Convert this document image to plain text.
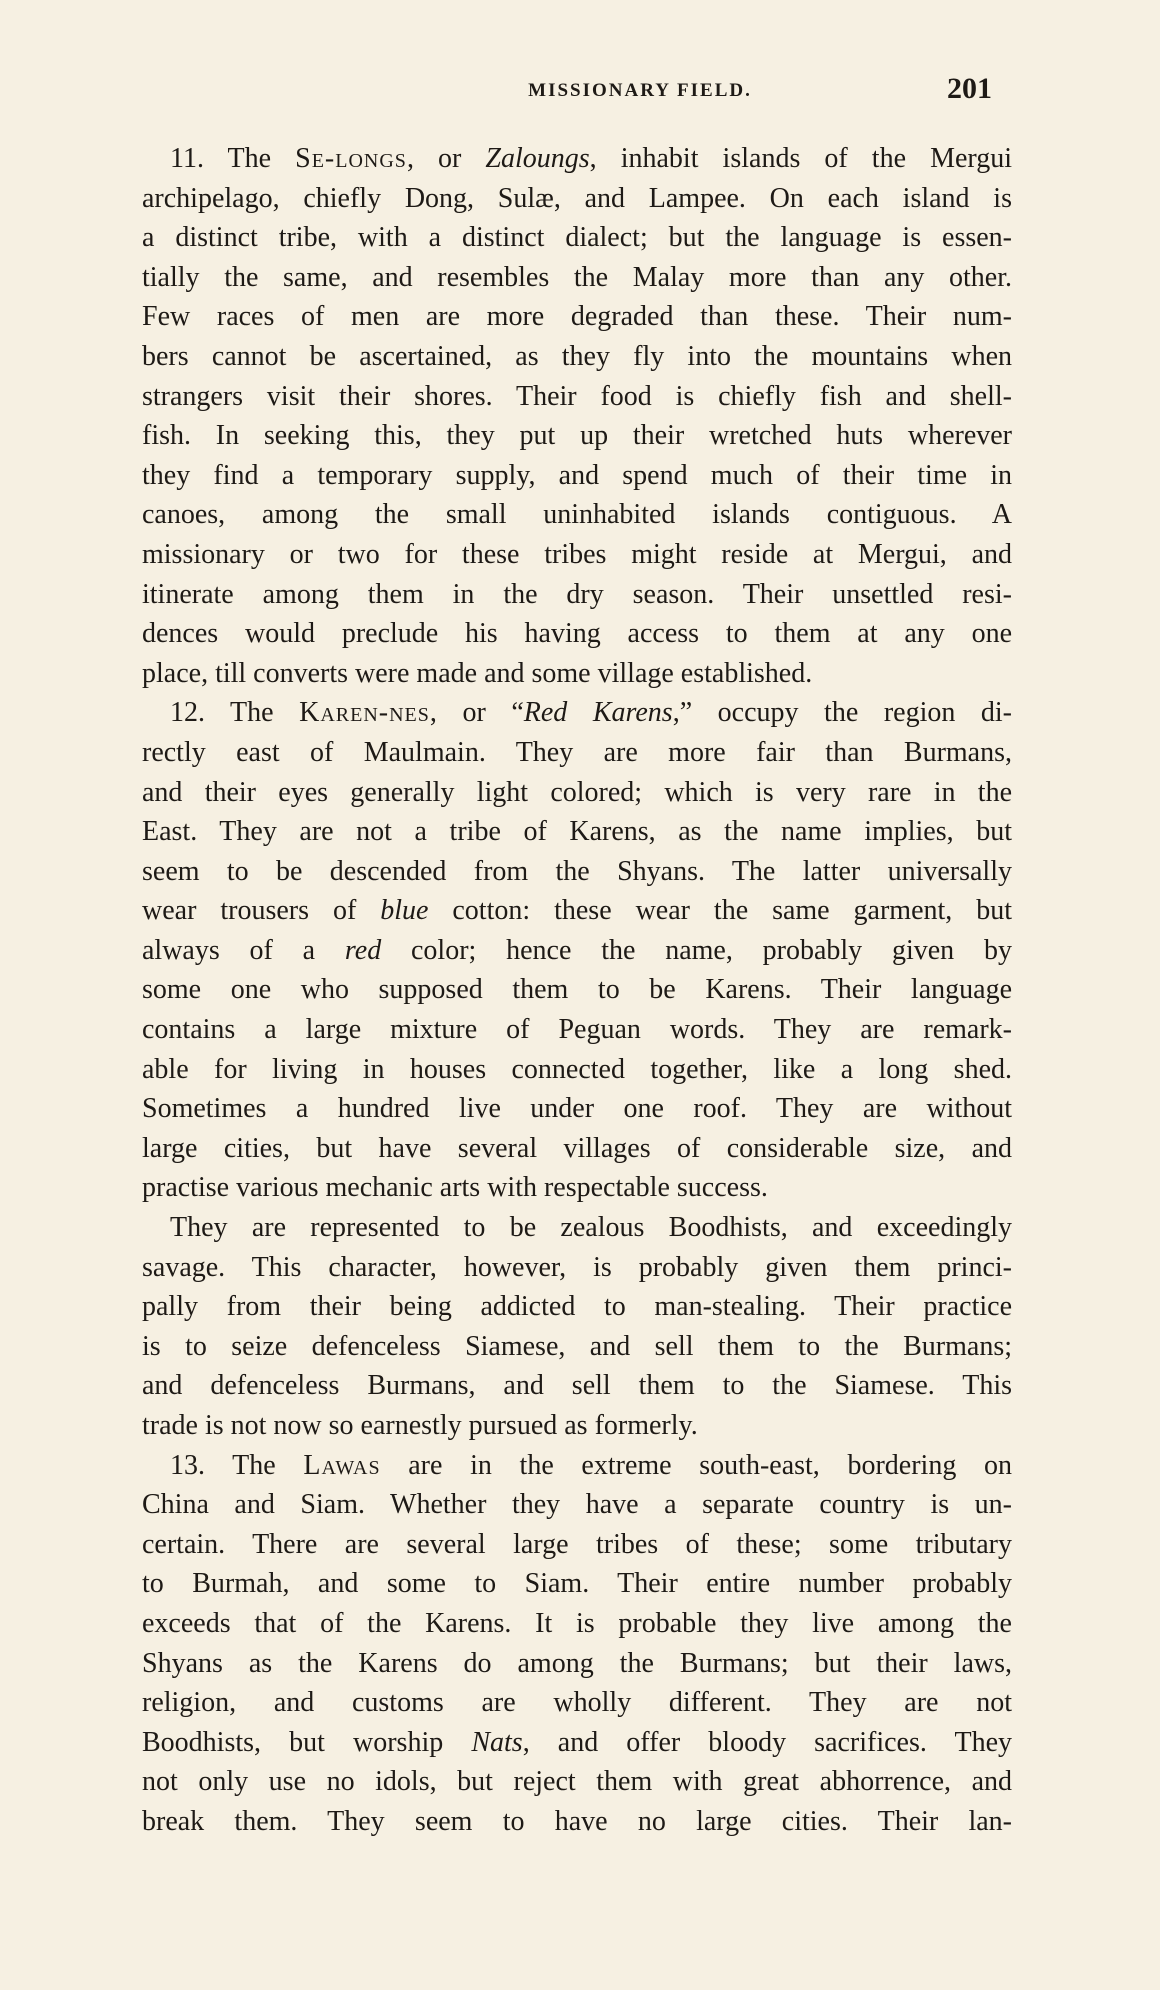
MISSIONARY FIELD.	201
11. The Se-longs, or Zaloungs, inhabit islands of the Mergui
archipelago, chiefly Dong, Sulæ, and Lampee. On each island is
a distinct tribe, with a distinct dialect; but the language is essen-
tially the same, and resembles the Malay more than any other.
Few races of men are more degraded than these. Their num-
bers cannot be ascertained, as they fly into the mountains when
strangers visit their shores. Their food is chiefly fish and shell-
fish. In seeking this, they put up their wretched huts wherever
they find a temporary supply, and spend much of their time in
canoes, among the small uninhabited islands contiguous. A
missionary or two for these tribes might reside at Mergui, and
itinerate among them in the dry season. Their unsettled resi-
dences would preclude his having access to them at any one
place, till converts were made and some village established.
12. The Karen-nes, or “Red Karens,” occupy the region di-
rectly east of Maulmain. They are more fair than Burmans,
and their eyes generally light colored; which is very rare in the
East. They are not a tribe of Karens, as the name implies, but
seem to be descended from the Shyans. The latter universally
wear trousers of blue cotton: these wear the same garment, but
always of a red color; hence the name, probably given by
some one who supposed them to be Karens. Their language
contains a large mixture of Peguan words. They are remark-
able for living in houses connected together, like a long shed.
Sometimes a hundred live under one roof. They are without
large cities, but have several villages of considerable size, and
practise various mechanic arts with respectable success.
They are represented to be zealous Boodhists, and exceedingly
savage. This character, however, is probably given them princi-
pally from their being addicted to man-stealing. Their practice
is to seize defenceless Siamese, and sell them to the Burmans;
and defenceless Burmans, and sell them to the Siamese. This
trade is not now so earnestly pursued as formerly.
13. The Lawas are in the extreme south-east, bordering on
China and Siam. Whether they have a separate country is un-
certain. There are several large tribes of these; some tributary
to Burmah, and some to Siam. Their entire number probably
exceeds that of the Karens. It is probable they live among the
Shyans as the Karens do among the Burmans; but their laws,
religion, and customs are wholly different. They are not
Boodhists, but worship Nats, and offer bloody sacrifices. They
not only use no idols, but reject them with great abhorrence, and
break them. They seem to have no large cities. Their lan-
